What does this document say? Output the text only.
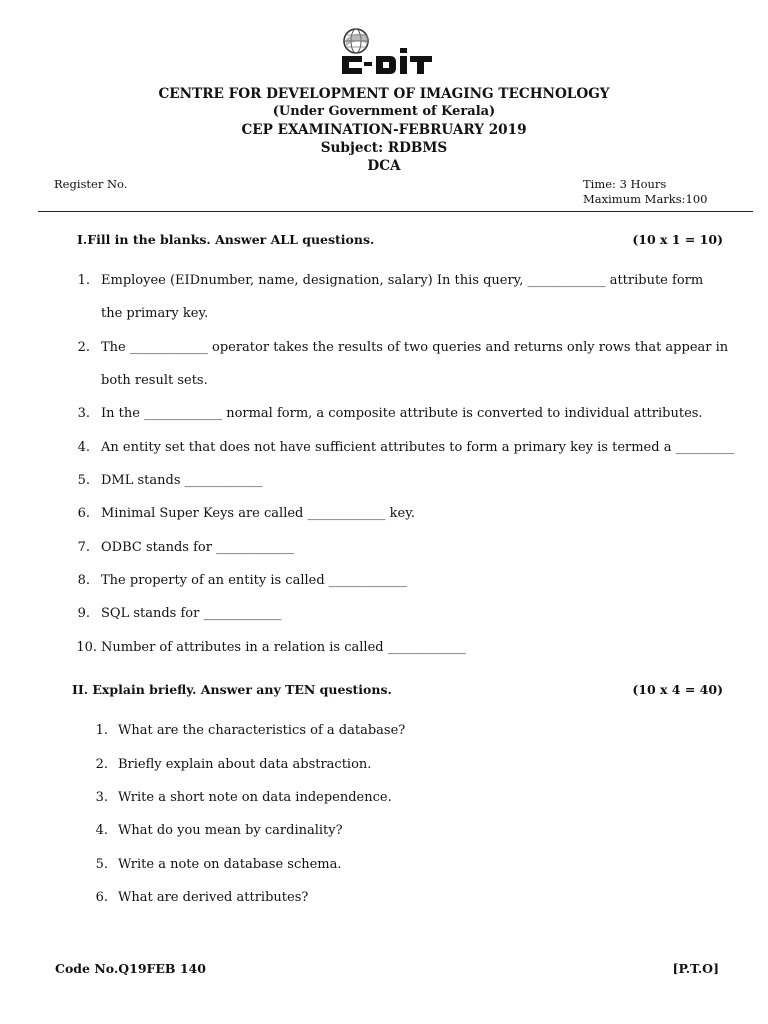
CENTRE FOR DEVELOPMENT OF IMAGING TECHNOLOGY
(Under Government of Kerala)
CEP EXAMINATION-FEBRUARY 2019
Subject: RDBMS
DCA
Register No.	Time: 3 Hours
Maximum Marks:100
I.Fill in the blanks. Answer ALL questions.	(10 x 1 = 10)
1. Employee (EIDnumber, name, designation, salary) In this query, ____________ attribute form
the primary key.
2. The ____________ operator takes the results of two queries and returns only rows that appear in
both result sets.
3. In the ____________ normal form, a composite attribute is converted to individual attributes.
4. An entity set that does not have sufficient attributes to form a primary key is termed a _________
5. DML stands ____________
6. Minimal Super Keys are called ____________ key.
7. ODBC stands for ____________
8. The property of an entity is called ____________
9. SQL stands for ____________
10. Number of attributes in a relation is called ____________
II. Explain briefly. Answer any TEN questions.	(10 x 4 = 40)
1. What are the characteristics of a database?
2. Briefly explain about data abstraction.
3. Write a short note on data independence.
4. What do you mean by cardinality?
5. Write a note on database schema.
6. What are derived attributes?
Code No.Q19FEB 140	[P.T.O]
